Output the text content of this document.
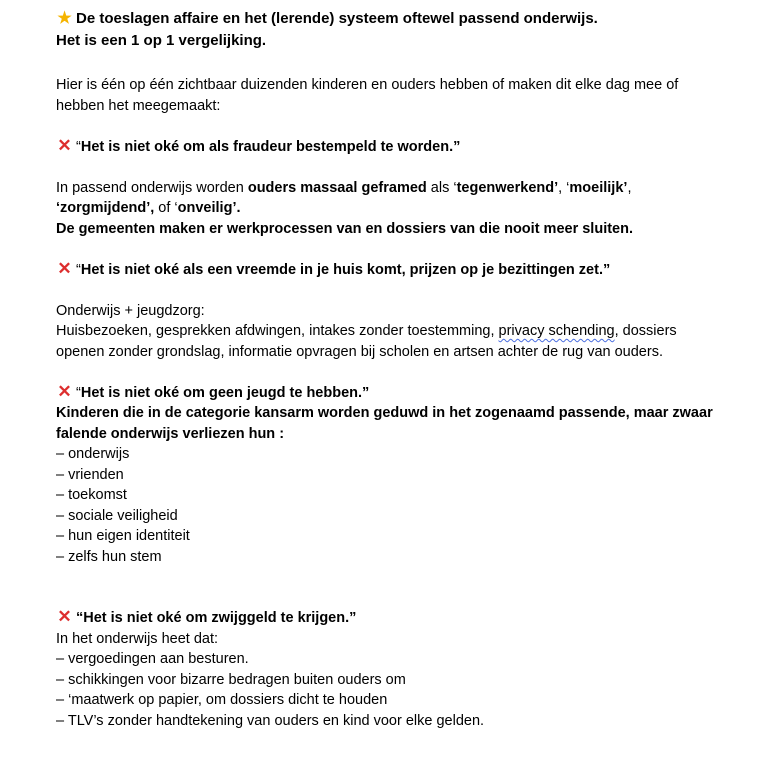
★ De toeslagen affaire en het (lerende) systeem oftewel passend onderwijs.
Het is een 1 op 1 vergelijking.

Hier is één op één zichtbaar duizenden kinderen en ouders hebben of maken dit elke dag mee of hebben het meegemaakt:

✕ “Het is niet oké om als fraudeur bestempeld te worden.”

In passend onderwijs worden ouders massaal geframed als ‘tegenwerkend’, ‘moeilijk’, ‘zorgmijdend’, of ‘onveilig’.

De gemeenten maken er werkprocessen van en dossiers van die nooit meer sluiten.

✕ “Het is niet oké als een vreemde in je huis komt, prijzen op je bezittingen zet.”

Onderwijs + jeugdzorg:

Huisbezoeken, gesprekken afdwingen, intakes zonder toestemming, privacy schending, dossiers openen zonder grondslag, informatie opvragen bij scholen en artsen achter de rug van ouders.

✕ “Het is niet oké om geen jeugd te hebben.”

Kinderen die in de categorie kansarm worden geduwd in het zogenaamd passende, maar zwaar falende onderwijs verliezen hun :

– onderwijs

– vrienden

– toekomst

– sociale veiligheid

– hun eigen identiteit

– zelfs hun stem

✕ “Het is niet oké om zwijggeld te krijgen.”

In het onderwijs heet dat:

– vergoedingen aan besturen.

– schikkingen voor bizarre bedragen buiten ouders om

– ‘maatwerk op papier, om dossiers dicht te houden

– TLV’s zonder handtekening van ouders en kind voor elke gelden.
